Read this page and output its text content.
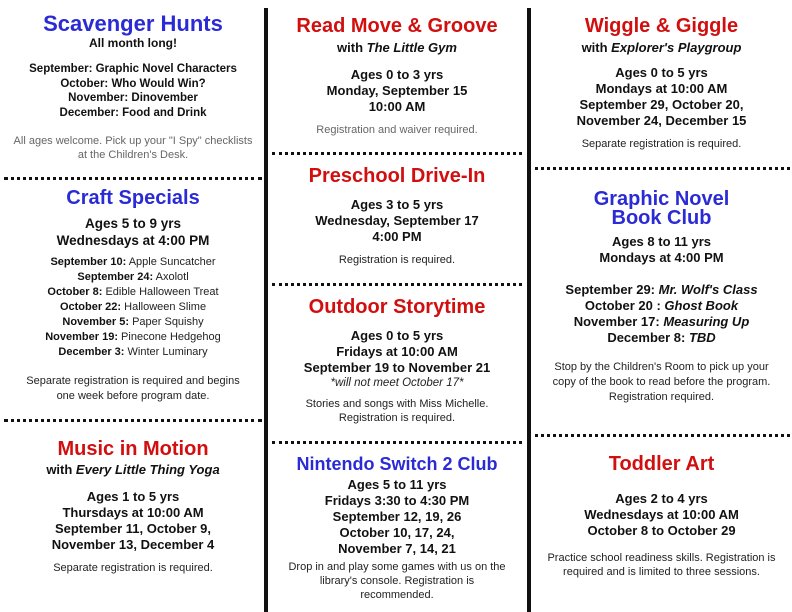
Scavenger Hunts
All month long!
September: Graphic Novel Characters
October: Who Would Win?
November: Dinovember
December: Food and Drink
All ages welcome. Pick up your "I Spy" checklists at the Children's Desk.
Craft Specials
Ages 5 to 9 yrs
Wednesdays at 4:00 PM
September 10: Apple Suncatcher
September 24: Axolotl
October 8: Edible Halloween Treat
October 22: Halloween Slime
November 5: Paper Squishy
November 19: Pinecone Hedgehog
December 3: Winter Luminary
Separate registration is required and begins one week before program date.
Music in Motion
with Every Little Thing Yoga
Ages 1 to 5 yrs
Thursdays at 10:00 AM
September 11, October 9,
November 13, December 4
Separate registration is required.
Read Move & Groove
with The Little Gym
Ages 0 to 3 yrs
Monday, September 15
10:00 AM
Registration and waiver required.
Preschool Drive-In
Ages 3 to 5 yrs
Wednesday, September 17
4:00 PM
Registration is required.
Outdoor Storytime
Ages 0 to 5 yrs
Fridays at 10:00 AM
September 19 to November 21
*will not meet October 17*
Stories and songs with Miss Michelle. Registration is required.
Nintendo Switch 2 Club
Ages 5 to 11 yrs
Fridays 3:30 to 4:30 PM
September 12, 19, 26
October 10, 17, 24,
November 7, 14, 21
Drop in and play some games with us on the library's console. Registration is recommended.
Wiggle & Giggle
with Explorer's Playgroup
Ages 0 to 5 yrs
Mondays at 10:00 AM
September 29, October 20,
November 24, December 15
Separate registration is required.
Graphic Novel
Book Club
Ages 8 to 11 yrs
Mondays at 4:00 PM
September 29: Mr. Wolf's Class
October 20 : Ghost Book
November 17: Measuring Up
December 8: TBD
Stop by the Children's Room to pick up your copy of the book to read before the program. Registration required.
Toddler Art
Ages 2 to 4 yrs
Wednesdays at 10:00 AM
October 8 to October 29
Practice school readiness skills. Registration is required and is limited to three sessions.
